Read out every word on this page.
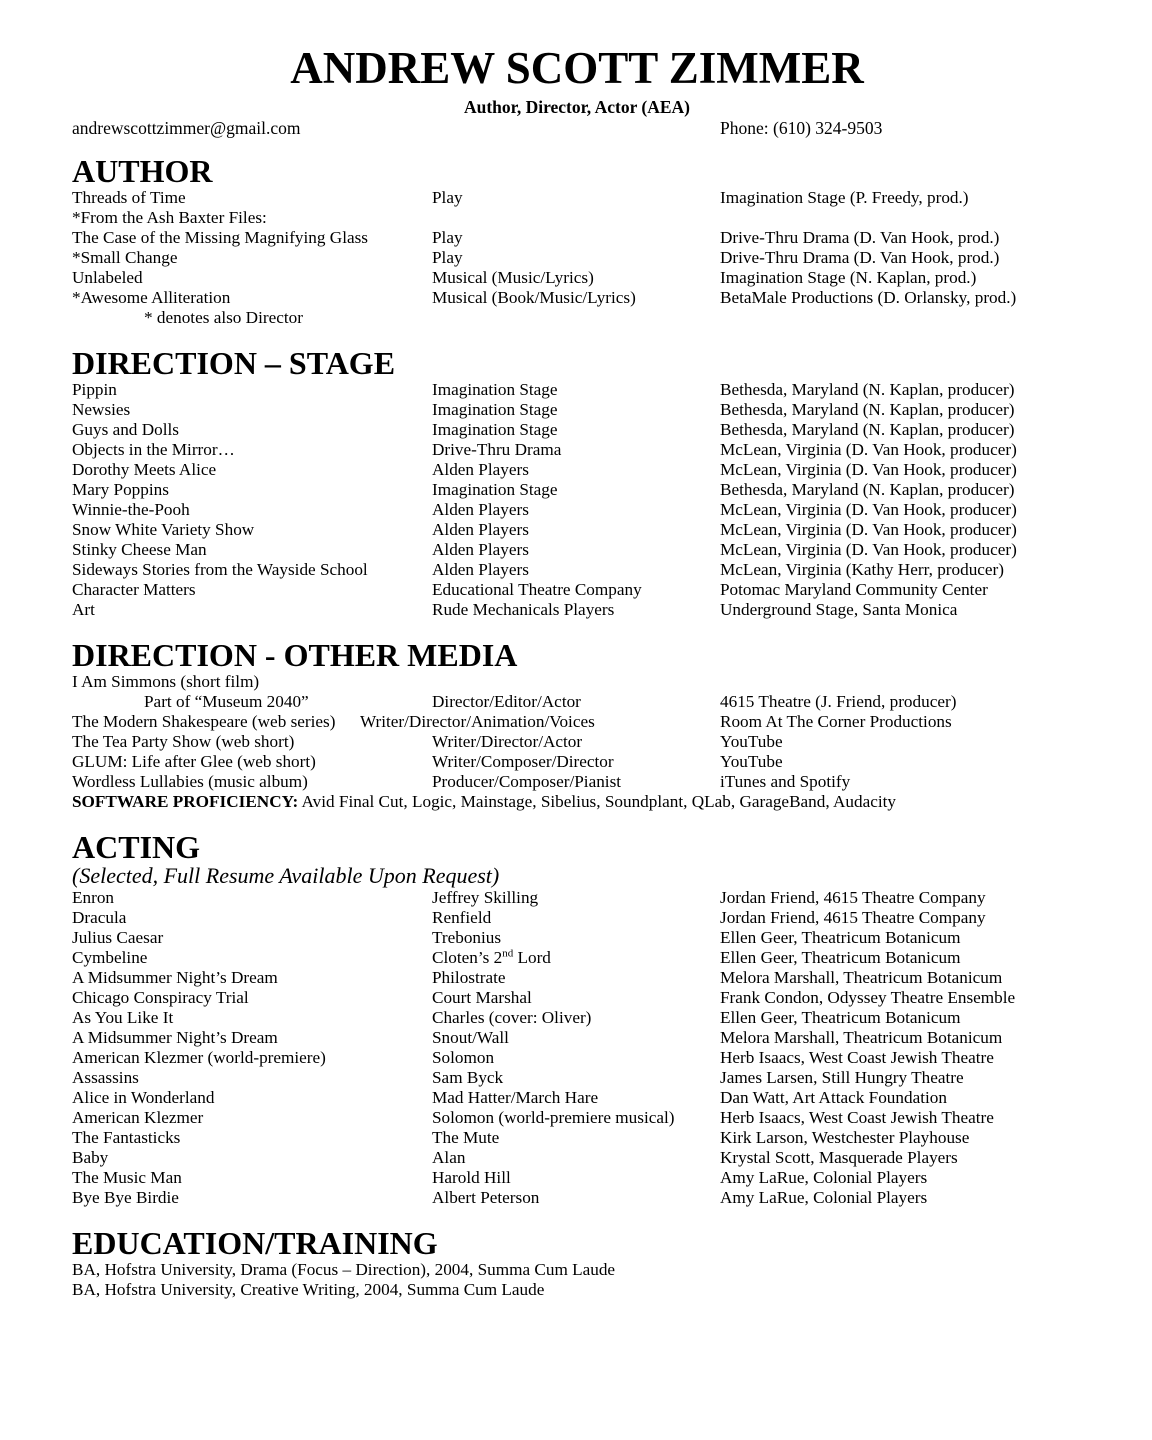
ANDREW SCOTT ZIMMER
Author, Director, Actor (AEA)
andrewscottzimmer@gmail.com	Phone: (610) 324-9503
AUTHOR
Threads of Time	Play	Imagination Stage (P. Freedy, prod.)
*From the Ash Baxter Files:
The Case of the Missing Magnifying Glass	Play	Drive-Thru Drama (D. Van Hook, prod.)
*Small Change	Play	Drive-Thru Drama (D. Van Hook, prod.)
Unlabeled	Musical (Music/Lyrics)	Imagination Stage (N. Kaplan, prod.)
*Awesome Alliteration	Musical (Book/Music/Lyrics)	BetaMale Productions (D. Orlansky, prod.)
* denotes also Director
DIRECTION – STAGE
Pippin	Imagination Stage	Bethesda, Maryland (N. Kaplan, producer)
Newsies	Imagination Stage	Bethesda, Maryland (N. Kaplan, producer)
Guys and Dolls	Imagination Stage	Bethesda, Maryland (N. Kaplan, producer)
Objects in the Mirror…	Drive-Thru Drama	McLean, Virginia (D. Van Hook, producer)
Dorothy Meets Alice	Alden Players	McLean, Virginia (D. Van Hook, producer)
Mary Poppins	Imagination Stage	Bethesda, Maryland (N. Kaplan, producer)
Winnie-the-Pooh	Alden Players	McLean, Virginia (D. Van Hook, producer)
Snow White Variety Show	Alden Players	McLean, Virginia (D. Van Hook, producer)
Stinky Cheese Man	Alden Players	McLean, Virginia (D. Van Hook, producer)
Sideways Stories from the Wayside School	Alden Players	McLean, Virginia (Kathy Herr, producer)
Character Matters	Educational Theatre Company	Potomac Maryland Community Center
Art	Rude Mechanicals Players	Underground Stage, Santa Monica
DIRECTION - OTHER MEDIA
I Am Simmons (short film)
Part of “Museum 2040”	Director/Editor/Actor	4615 Theatre (J. Friend, producer)
The Modern Shakespeare (web series) Writer/Director/Animation/Voices	Room At The Corner Productions
The Tea Party Show (web short)	Writer/Director/Actor	YouTube
GLUM: Life after Glee (web short)	Writer/Composer/Director	YouTube
Wordless Lullabies (music album)	Producer/Composer/Pianist	iTunes and Spotify
SOFTWARE PROFICIENCY: Avid Final Cut, Logic, Mainstage, Sibelius, Soundplant, QLab, GarageBand, Audacity
ACTING
(Selected, Full Resume Available Upon Request)
Enron	Jeffrey Skilling	Jordan Friend, 4615 Theatre Company
Dracula	Renfield	Jordan Friend, 4615 Theatre Company
Julius Caesar	Trebonius	Ellen Geer, Theatricum Botanicum
Cymbeline	Cloten’s 2nd Lord	Ellen Geer, Theatricum Botanicum
A Midsummer Night’s Dream	Philostrate	Melora Marshall, Theatricum Botanicum
Chicago Conspiracy Trial	Court Marshal	Frank Condon, Odyssey Theatre Ensemble
As You Like It	Charles (cover: Oliver)	Ellen Geer, Theatricum Botanicum
A Midsummer Night’s Dream	Snout/Wall	Melora Marshall, Theatricum Botanicum
American Klezmer (world-premiere)	Solomon	Herb Isaacs, West Coast Jewish Theatre
Assassins	Sam Byck	James Larsen, Still Hungry Theatre
Alice in Wonderland	Mad Hatter/March Hare	Dan Watt, Art Attack Foundation
American Klezmer	Solomon (world-premiere musical)	Herb Isaacs, West Coast Jewish Theatre
The Fantasticks	The Mute	Kirk Larson, Westchester Playhouse
Baby	Alan	Krystal Scott, Masquerade Players
The Music Man	Harold Hill	Amy LaRue, Colonial Players
Bye Bye Birdie	Albert Peterson	Amy LaRue, Colonial Players
EDUCATION/TRAINING
BA, Hofstra University, Drama (Focus – Direction), 2004, Summa Cum Laude
BA, Hofstra University, Creative Writing, 2004, Summa Cum Laude
